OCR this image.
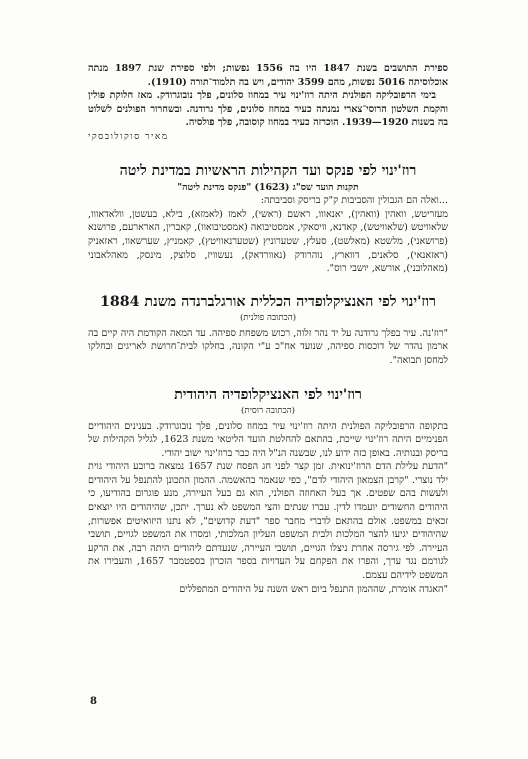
ספירת התושבים בשנת 1847 היו בה 1556 נפשות; ולפי ספירת שנת 1897 מנתה אוכלוסיתה 5016 נפשות, מהם 3599 יהודים, ויש בה תלמוד־תורה (1910).

בימי הרפובליקה הפולנית היתה רוז'ינוי עיר במחוז סלונים, פלך נובוגרודק. מאז חלוקת פולין והקמת השלטון הרוסי־צארי נמנתה כעיר במחוז סלונים, פלך גרודנה. ובשחרור הפולנים לשלוט בה בשנות 1920—1939. הוכרזה כעיר במחוז קוסובה, פלך פולסיה.

מאיר סוקולובסקי

רוז'ינוי לפי פנקס ועד הקהילות הראשיות במדינת ליטה

תקנות הועד שס"ג (1623) "פנקס מדינת ליטה"

...ואלה הם הגבולין והסביבות ק"ק בריסק וסביבתה:

מעזריטש, וואהין (וואהין), יאנאווו, ראשם (ראשי), לאמז (לאמזא), בילא, בעשטן, וולאדאווו, שלאוויטש (שלאוויטש), קאדנא, וויסאקי, אמסטיבואה (אמסטיבואוו), קאברין, הארארעם, פרושנא (פרושאני), מלשטא (מאלשט), סעלץ, שטערוניץ (שטערנאוויטץ), קאמניץ, שערשאוו, ראזאניק (ראזאנאי), סלאנים, דווארץ, נוהרודק (נאוורדאק), נעשוויז, סלוצק, מינסק, מאהלאבוני (מאהלובני), אורשא, יושבי רוס".

רוז'ינוי לפי האנציקלופדיה הכללית אורגלברנדה משנת 1884

(הכתובה פולנית)

"רוז'נה. עיר בפלך גרודנה על יד נהר זלוה, רכוש משפחת ספיהה. עד המאה הקודמת היה קיים בה ארמון נהדר של דוכסות ספיהה, שנועד אח"כ ע"י הקונה, בחלקו לבית־חרושת לאריגים ובחלקו למחסן תבואה".

רוז'ינוי לפי האנציקלופדיה היהודית

(הכתובה רוסית)

בתקופה הרפובליקה הפולנית היתה רוז'ינוי עיר במחוז סלונים, פלך נובוגרודק. בענינים היהודיים הפנימיים היתה רוז'ינוי שייכת, בהתאם להחלטת הועד הליטאי משנת 1623, לגליל הקהילות של בריסק ובנותיה. באופן כזה ידוע לנו, שבשנה הנ"ל היה כבר ברוז'ינוי ישוב יהודי.

"הדעת עלילת הדם הרוז'ינואית. זמן קצר לפני חג הפסח שנת 1657 נמצאה ברובע היהודי גוית ילד נוצרי. "קרבן הצמאון היהודי לדם", כפי שנאמר בהאשמה. ההמון התכונן להתנפל על היהודים ולעשות בהם שפטים. אך בעל האחוזה הפולני, הוא גם בעל העיירה, מנע פוגרום בהודיעו, כי היהודים החשודים יועמדו לדין. עברו שנתים והצי המשפט לא נערך. יתכן, שהיהודים היו יוצאים זכאים במשפט. אולם בהתאם לדברי מחבר ספר "דעת קדושים", לא נתנו היזואיטים אפשרות, שהיהודים יגיעו להצר המלכות ולבית המשפט העליון המלכותי, ומסרו את המשפט לגויים, תושבי העיירה. לפי גירסה אחרת ניצלו הגויים, תושבי העיירה, שנעדתם ליהודים היתה רבה, את הרקע לגורמם נגד ערך, והפרו את הפקחם על העדויות בספר הזכרון בספטמבר 1657, והעבירו את המשפט לידיהם עצמם.

"האגדה אומרת, שההמון התנפל ביום ראש השנה על היהודים המתפללים

8
